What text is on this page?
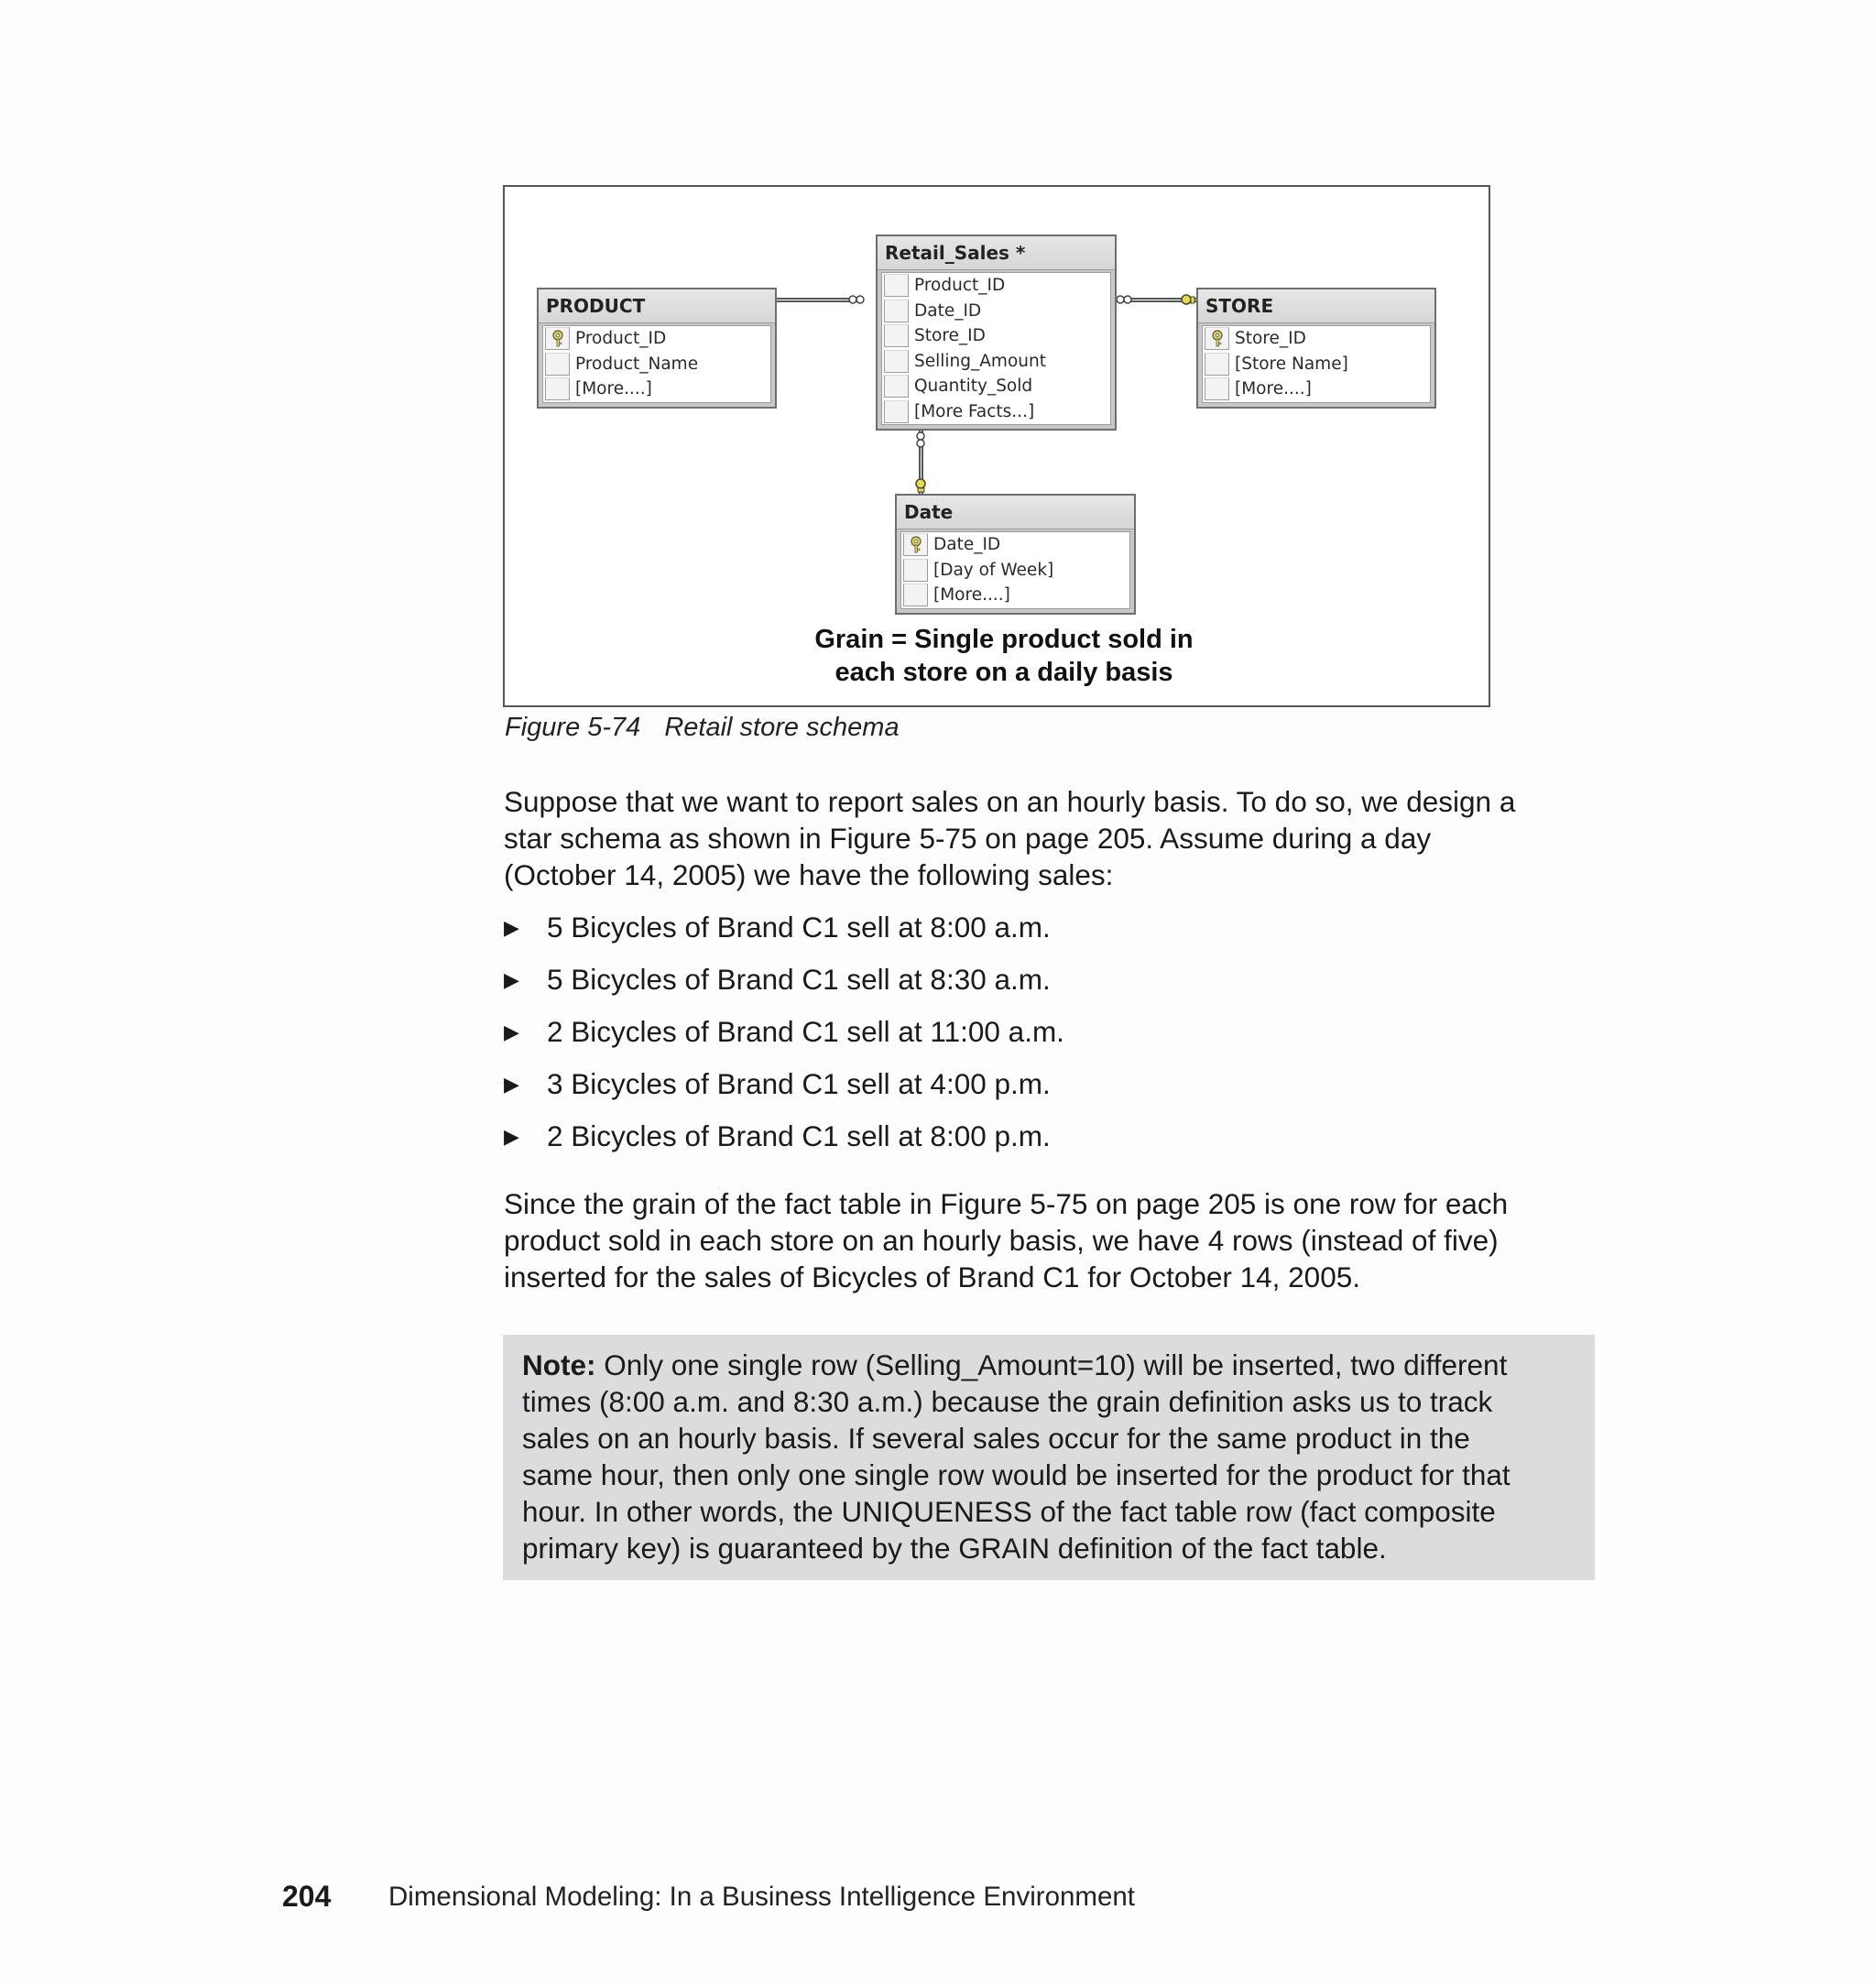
PRODUCT
Product_ID
Product_Name
[More....]
Retail_Sales *
Product_ID
Date_ID
Store_ID
Selling_Amount
Quantity_Sold
[More Facts...]
STORE
Store_ID
[Store Name]
[More....]
Date
Date_ID
[Day of Week]
[More....]
Grain = Single product sold in
each store on a daily basis
Figure 5-74 Retail store schema

Suppose that we want to report sales on an hourly basis. To do so, we design a
star schema as shown in Figure 5-75 on page 205. Assume during a day
(October 14, 2005) we have the following sales:

▶ 5 Bicycles of Brand C1 sell at 8:00 a.m.
▶ 5 Bicycles of Brand C1 sell at 8:30 a.m.
▶ 2 Bicycles of Brand C1 sell at 11:00 a.m.
▶ 3 Bicycles of Brand C1 sell at 4:00 p.m.
▶ 2 Bicycles of Brand C1 sell at 8:00 p.m.

Since the grain of the fact table in Figure 5-75 on page 205 is one row for each
product sold in each store on an hourly basis, we have 4 rows (instead of five)
inserted for the sales of Bicycles of Brand C1 for October 14, 2005.

Note: Only one single row (Selling_Amount=10) will be inserted, two different
times (8:00 a.m. and 8:30 a.m.) because the grain definition asks us to track
sales on an hourly basis. If several sales occur for the same product in the
same hour, then only one single row would be inserted for the product for that
hour. In other words, the UNIQUENESS of the fact table row (fact composite
primary key) is guaranteed by the GRAIN definition of the fact table.
204 Dimensional Modeling: In a Business Intelligence Environment
